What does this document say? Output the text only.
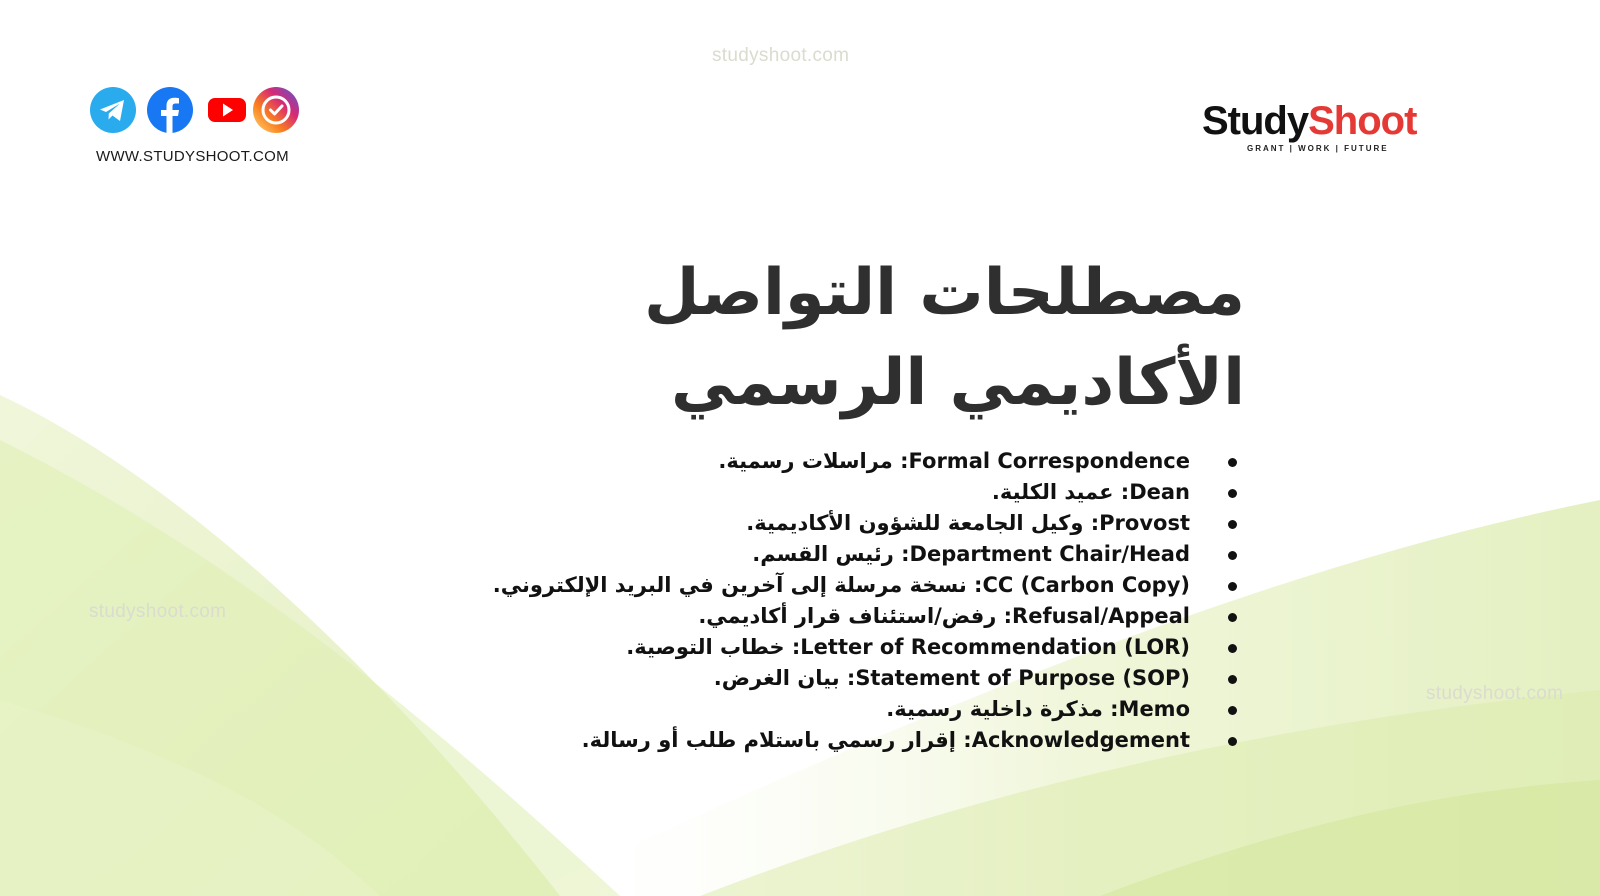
studyshoot.com
studyshoot.com
studyshoot.com
WWW.STUDYSHOOT.COM
StudyShoot
GRANT | WORK | FUTURE
مصطلحات التواصل
الأكاديمي الرسمي
Formal Correspondence: مراسلات رسمية.
Dean: عميد الكلية.
Provost: وكيل الجامعة للشؤون الأكاديمية.
Department Chair/Head: رئيس القسم.
CC (Carbon Copy): نسخة مرسلة إلى آخرين في البريد الإلكتروني.
Refusal/Appeal: رفض/استئناف قرار أكاديمي.
Letter of Recommendation (LOR): خطاب التوصية.
Statement of Purpose (SOP): بيان الغرض.
Memo: مذكرة داخلية رسمية.
Acknowledgement: إقرار رسمي باستلام طلب أو رسالة.
